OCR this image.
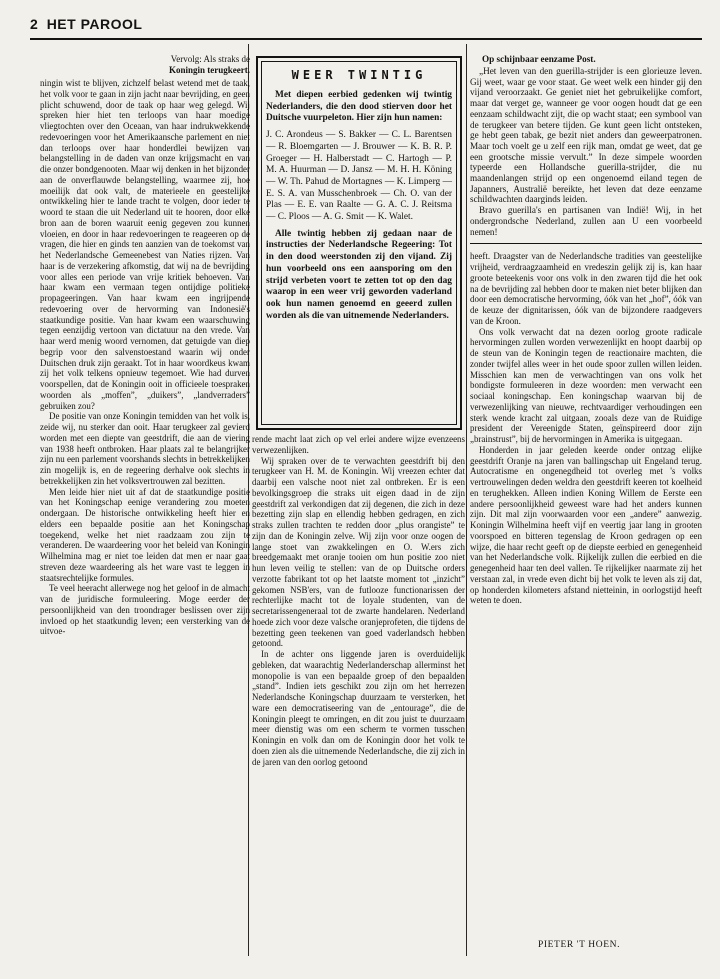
2 HET PAROOL
Vervolg: Als straks de
Koningin terugkeert.

ningin wist te blijven, zichzelf belast wetend met de taak, het volk voor te gaan in zijn jacht naar bevrijding, en geen plicht schuwend, door de taak op haar weg gelegd. Wij spreken hier hiet ten terloops van haar moedige vliegtochten over den Oceaan, van haar indrukwekkende redevoeringen voor het Amerikaansche parlement en niet dan terloops over haar honderdlei bewijzen van belangstelling in de daden van onze krijgsmacht en van die onzer bondgenooten. Maar wij denken in het bijzonder aan de onverflauwde belangstelling, waarmee zij, hoe moeilijk dat ook valt, de materieele en geestelijke ontwikkeling hier te lande tracht te volgen, door ieder te woord te staan die uit Nederland uit te hooren, door elke bron aan de boren waaruit eenig gegeven zou kunnen vloeien, en door in haar redevoeringen te reageeren op de vragen, die hier en ginds ten aanzien van de toekomst van het Nederlandsche Gemeenebest van Naties rijzen. Van haar is de verzekering afkomstig, dat wij na de bevrijding voor alles een periode van vrije kritiek behoeven. Van haar kwam een vermaan tegen ontijdige politieke propageeringen. Van haar kwam een ingrijpende redevoering over de hervorming van Indonesië's staatkundige positie. Van haar kwam een waarschuwing tegen eenzijdig vertoon van dictatuur na den vrede. Van haar werd menig woord vernomen, dat getuigde van diep begrip voor den salvenstoestand waarin wij onder Duitschen druk zijn geraakt. Tot in haar woordkeus kwam zij het volk telkens opnieuw tegemoet. Wie had durven voorspellen, dat de Koningin ooit in officieele toespraken woorden als „moffen”, „duikers”, „landverraders” gebruiken zou?

De positie van onze Koningin temidden van het volk is, zeide wij, nu sterker dan ooit. Haar terugkeer zal gevierd worden met een diepte van geestdrift, die aan de viering van 1938 heeft ontbroken. Haar plaats zal te belangrijker zijn nu een parlement voorshands slechts in betrekkelijken zin mogelijk is, en de regeering derhalve ook slechts in betrekkelijken zin het volksvertrouwen zal bezitten.

Men leide hier niet uit af dat de staatkundige positie van het Koningschap eenige verandering zou moeten ondergaan. De historische ontwikkeling heeft hier en elders een bepaalde positie aan het Koningschap toegekend, welke het niet raadzaam zou zijn te veranderen. De waardeering voor het beleid van Koningin Wilhelmina mag er niet toe leiden dat men er naar gaat streven deze waardeering als het ware vast te leggen in staatsrechtelijke formules.

Te veel heeracht allerwege nog het geloof in de almacht van de juridische formuleering. Moge eerder der persoonlijkheid van den troondrager beslissen over zijn invloed op het staatkundig leven; een versterking van de uitvoe-

WEER TWINTIG

Met diepen eerbied gedenken wij twintig Nederlanders, die den dood stierven door het Duitsche vuurpeleton. Hier zijn hun namen:

J. C. Arondeus — S. Bakker — C. L. Barentsen — R. Bloemgarten — J. Brouwer — K. B. R. P. Groeger — H. Halberstadt — C. Hartogh — P. M. A. Huurman — D. Jansz — M. H. H. Köning — W. Th. Pahud de Mortagnes — K. Limperg — E. S. A. van Musschenbroek — Ch. O. van der Plas — E. E. van Raalte — G. A. C. J. Reitsma — C. Ploos — A. G. Smit — K. Walet.

Alle twintig hebben zij gedaan naar de instructies der Nederlandsche Regeering: Tot in den dood weerstonden zij den vijand. Zij hun voorbeeld ons een aansporing om den strijd verbeten voort te zetten tot op den dag waarop in een weer vrij geworden vaderland ook hun namen genoemd en geeerd zullen worden als die van uitnemende Nederlanders.

rende macht laat zich op vel erlei andere wijze evenzeens verwezenlijken.

Wij spraken over de te verwachten geestdrift bij den terugkeer van H. M. de Koningin. Wij vreezen echter dat daarbij een valsche noot niet zal ontbreken. Er is een bevolkingsgroep die straks uit eigen daad in de zijn geestdrift zal verkondigen dat zij degenen, die zich in deze bezetting zijn slap en ellendig hebben gedragen, en zich straks zullen trachten te redden door „plus orangiste” te zijn dan de Koningin zelve. Wij zijn voor onze oogen de lange stoet van zwakkelingen en O. W.ers zich breedgemaakt met oranje tooien om hun positie zoo niet hun leven veilig te stellen: van de op Duitsche orders verzotte fabrikant tot op het laatste moment tot „inzicht” gekomen NSB'ers, van de futlooze functionarissen der rechterlijke macht tot de loyale studenten, van de secretarissengeneraal tot de zwarte handelaren. Nederland hoede zich voor deze valsche oranjeprofeten, die tijdens de bezetting geen teekenen van goed vaderlandsch hebben getoond.

In de achter ons liggende jaren is overduidelijk gebleken, dat waarachtig Nederlanderschap allerminst het monopolie is van een bepaalde groep of den bepaalden „stand”. Indien iets geschikt zou zijn om het herrezen Nederlandsche Koningschap duurzaam te versterken, het ware een democratiseering van de „entourage”, die de Koningin pleegt te omringen, en dit zou juist te duurzaam meer dienstig was om een scherm te vormen tusschen Koningin en volk dan om de Koningin door het volk te doen zien als die uitnemende Nederlandsche, die zij zich in de jaren van den oorlog getoond

Op schijnbaar eenzame Post.

„Het leven van den guerilla-strijder is een glorieuze leven. Gij weet, waar ge voor staat. Ge weet welk een hinder gij den vijand veroorzaakt. Ge geniet niet het gebruikelijke comfort, maar dat verget ge, wanneer ge voor oogen houdt dat ge een eenzaam schildwacht zijt, die op wacht staat; een symbool van de terugkeer van betere tijden. Ge kunt geen licht ontsteken, ge hebt geen tabak, ge bezit niet anders dan geweerpatronen. Maar toch voelt ge u zelf een rijk man, omdat ge weet, dat ge een grootsche missie vervult.” In deze simpele woorden typeerde een Hollandsche guerilla-strijder, die nu maandenlangen strijd op een ongenoemd eiland tegen de Japanners, Australië bereikte, het leven dat deze eenzame schildwachten daarginds leiden.

Bravo guerilla's en partisanen van Indië! Wij, in het ondergrondsche Nederland, zullen aan U een voorbeeld nemen!

heeft. Draagster van de Nederlandsche tradities van geestelijke vrijheid, verdraagzaamheid en vredeszin gelijk zij is, kan haar groote beteekenis voor ons volk in den zwaren tijd die het ook na de bevrijding zal hebben door te maken niet beter blijken dan door een democratische hervorming, óók van het „hof”, óók van de keuze der dignitarissen, óók van de bijzondere raadgevers van de Kroon.

Ons volk verwacht dat na dezen oorlog groote radicale hervormingen zullen worden verwezenlijkt en hoopt daarbij op de steun van de Koningin tegen de reactionaire machten, die zonder twijfel alles weer in het oude spoor zullen willen leiden. Misschien kan men de verwachtingen van ons volk het bondigste formuleeren in deze woorden: men verwacht een sociaal koningschap. Een koningschap waarvan bij de verwezenlijking van nieuwe, rechtvaardiger verhoudingen een sterk wende kracht zal uitgaan, zooals deze van de Ruidige president der Vereenigde Staten, geïnspireerd door zijn „brainstrust”, bij de hervormingen in Amerika is uitgegaan.

Honderden in jaar geleden keerde onder ontzag elijke geestdrift Oranje na jaren van ballingschap uit Engeland terug. Autocratisme en ongenegdheid tot overleg met 's volks vertrouwelingen deden weldra den geestdrift keeren tot koelheid en terughekken. Alleen indien Koning Willem de Eerste een andere persoonlijkheid geweest ware had het anders kunnen zijn. Dit mal zijn voorwaarden voor een „andere” aanwezig. Koningin Wilhelmina heeft vijf en veertig jaar lang in grooten voorspoed en bitteren tegenslag de Kroon gedragen op een wijze, die haar recht geeft op de diepste eerbied en genegenheid van het Nederlandsche volk. Rijkelijk zullen die eerbied en die genegenheid haar ten deel vallen. Te rijkelijker naarmate zij het verstaan zal, in vrede even dicht bij het volk te leven als zij dat, op honderden kilometers afstand nietteinin, in oorlogstijd heeft weten te doen.

PIETER 'T HOEN.
